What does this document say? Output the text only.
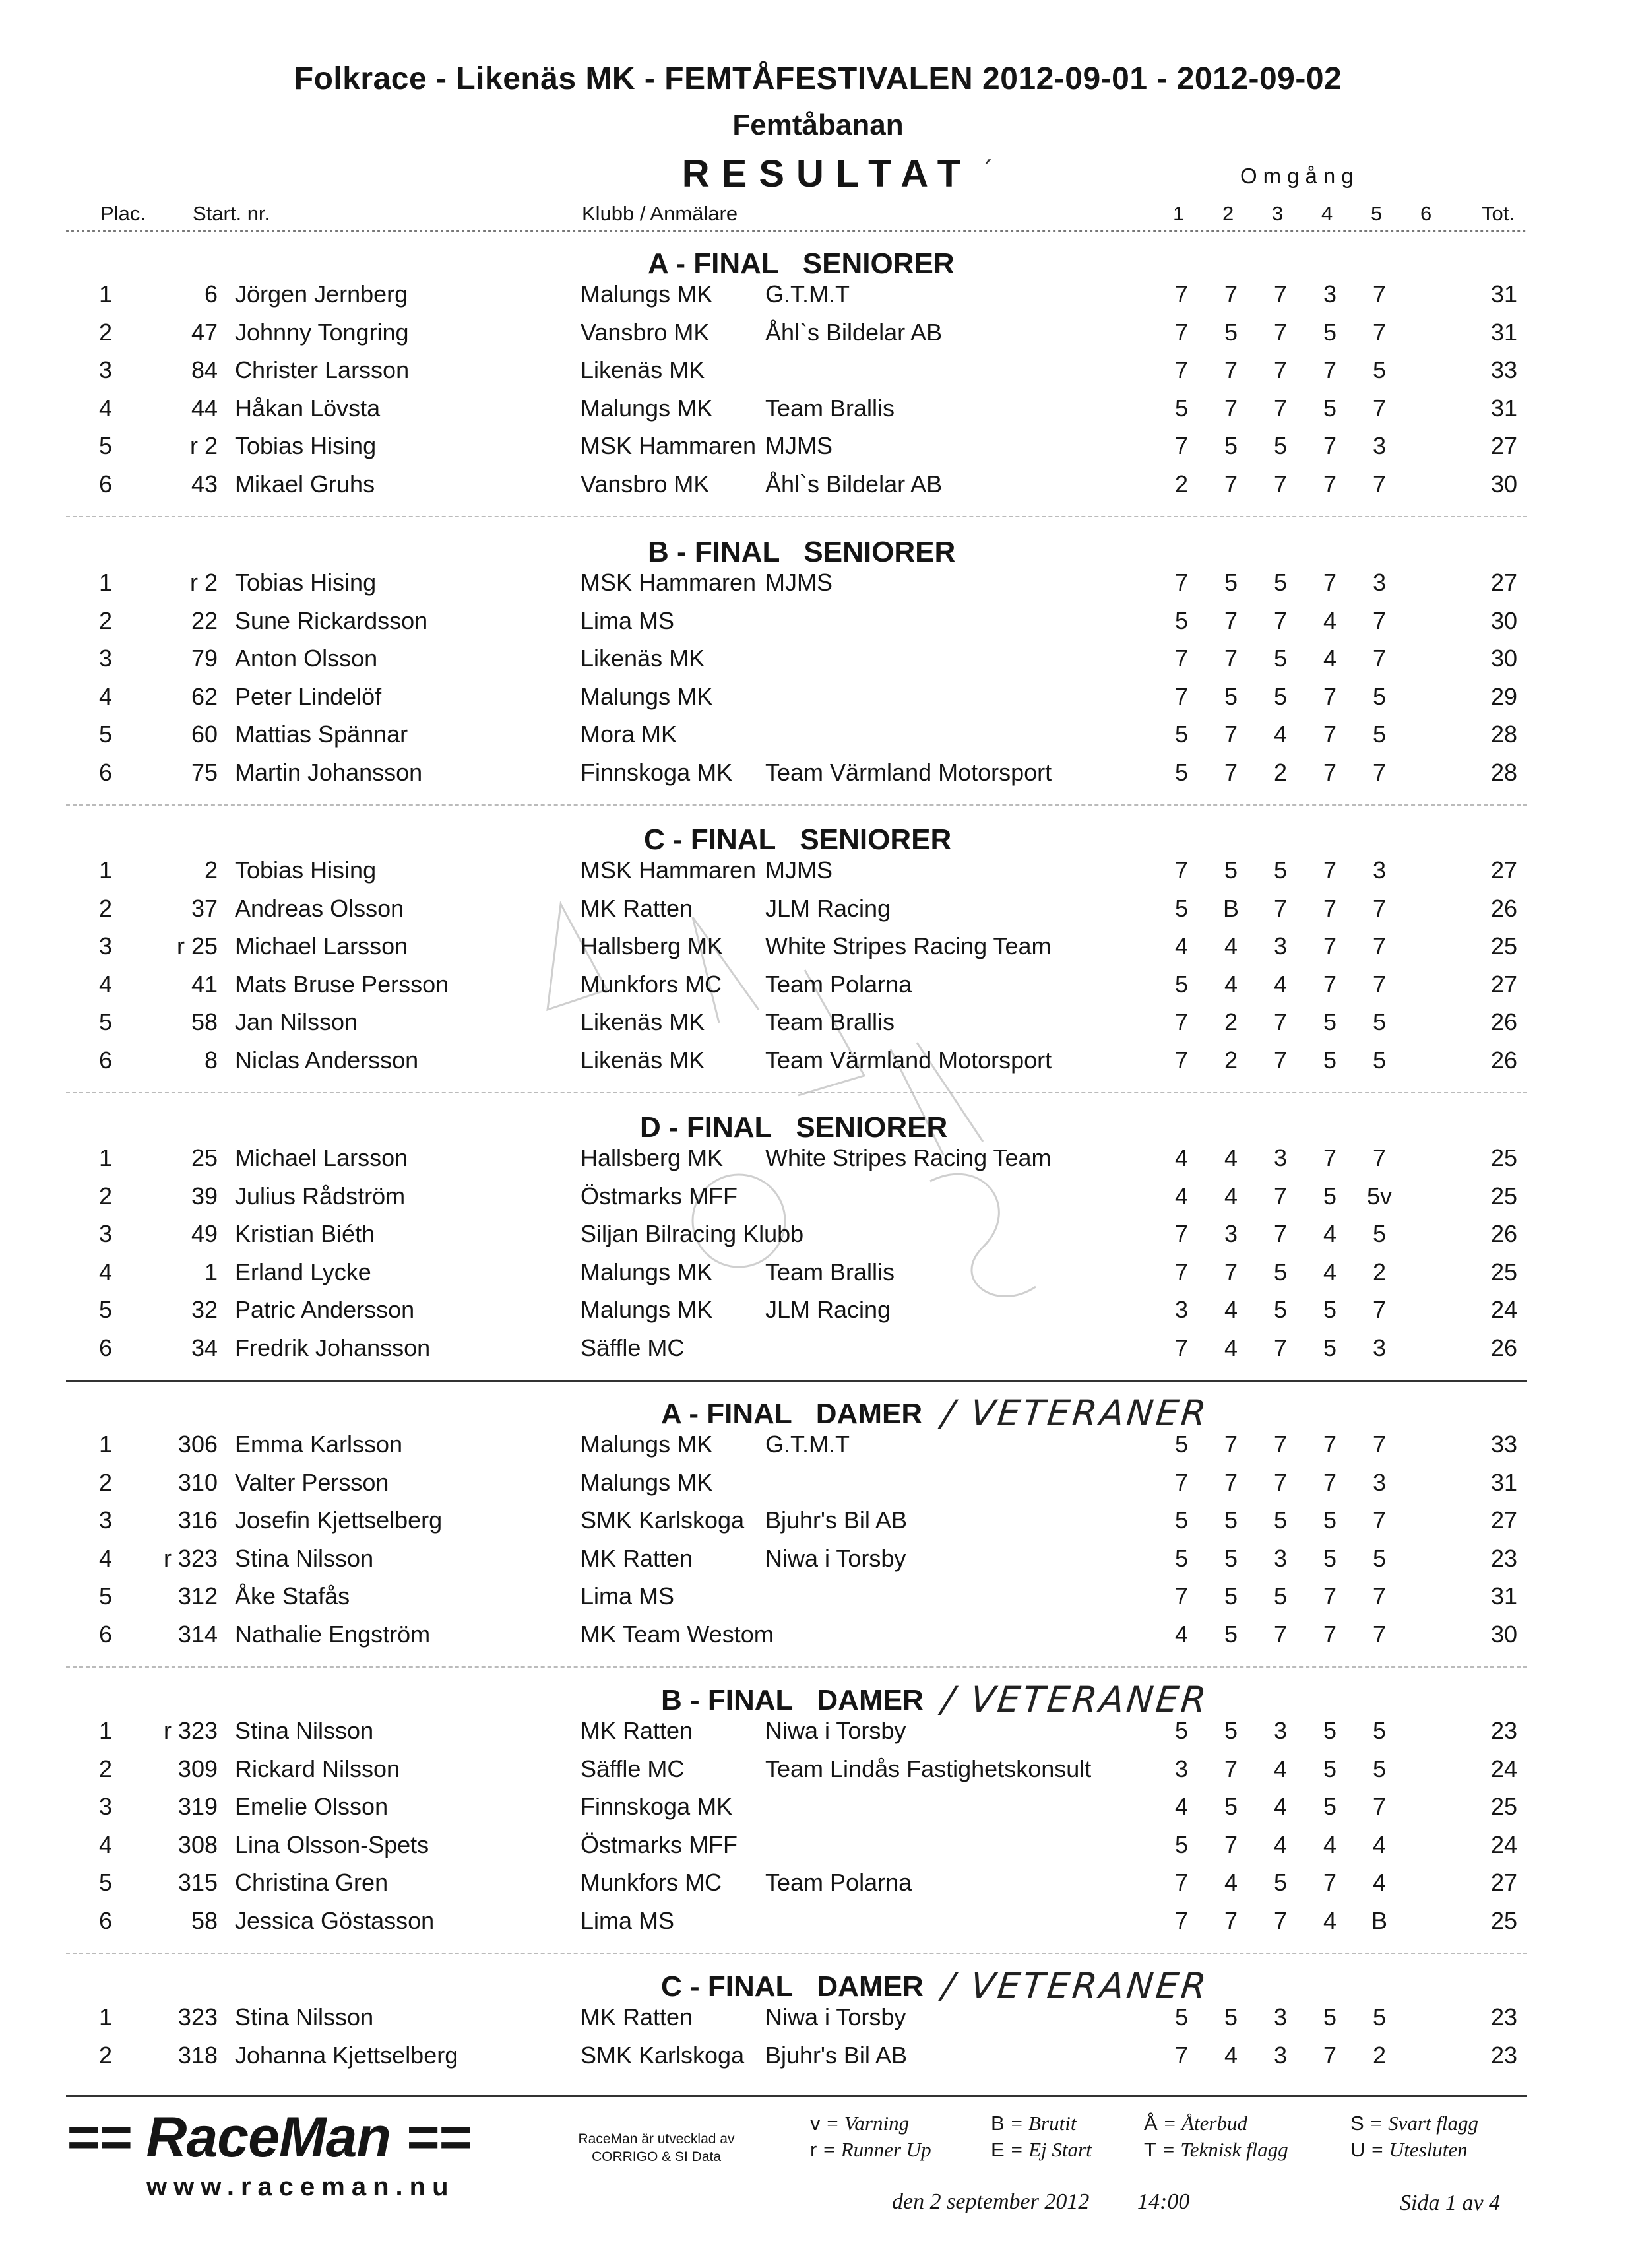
Folkrace - Likenäs MK - FEMTÅFESTIVALEN 2012-09-01 - 2012-09-02
Femtåbanan
RESULTAT ´	Omgång
Plac. Start. nr.	Klubb / Anmälare	1 2 3 4 5 6 Tot.
A - FINAL SENIORER
1	6 Jörgen Jernberg	Malungs MK G.T.M.T	7	7	7	3	7	31
2	47 Johnny Tongring	Vansbro MK Åhl`s Bildelar AB	7	5	7	5	7	31
3	84 Christer Larsson	Likenäs MK	7	7	7	7	5	33
4	44 Håkan Lövsta	Malungs MK Team Brallis	5	7	7	5	7	31
5	r 2 Tobias Hising	MSK Hammaren MJMS	7	5	5	7	3	27
6	43 Mikael Gruhs	Vansbro MK Åhl`s Bildelar AB	2	7	7	7	7	30
B - FINAL SENIORER
1	r 2 Tobias Hising	MSK Hammaren MJMS	7	5	5	7	3	27
2	22 Sune Rickardsson	Lima MS	5	7	7	4	7	30
3	79 Anton Olsson	Likenäs MK	7	7	5	4	7	30
4	62 Peter Lindelöf	Malungs MK	7	5	5	7	5	29
5	60 Mattias Spännar	Mora MK	5	7	4	7	5	28
6	75 Martin Johansson	Finnskoga MK Team Värmland Motorsport	5	7	2	7	7	28
C - FINAL SENIORER
1	2 Tobias Hising	MSK Hammaren MJMS	7	5	5	7	3	27
2	37 Andreas Olsson	MK Ratten	JLM Racing	5	B	7	7	7	26
3	r 25 Michael Larsson	Hallsberg MK White Stripes Racing Team	4	4	3	7	7	25
4	41 Mats Bruse Persson	Munkfors MC Team Polarna	5	4	4	7	7	27
5	58 Jan Nilsson	Likenäs MK	Team Brallis	7	2	7	5	5	26
6	8 Niclas Andersson	Likenäs MK	Team Värmland Motorsport	7	2	7	5	5	26
D - FINAL SENIORER
1	25 Michael Larsson	Hallsberg MK White Stripes Racing Team	4	4	3	7	7	25
2	39 Julius Rådström	Östmarks MFF	4	4	7	5	5v	25
3	49 Kristian Biéth	Siljan Bilracing Klubb	7	3	7	4	5	26
4	1 Erland Lycke	Malungs MK Team Brallis	7	7	5	4	2	25
5	32 Patric Andersson	Malungs MK JLM Racing	3	4	5	5	7	24
6	34 Fredrik Johansson	Säffle MC	7	4	7	5	3	26
A - FINAL DAMER / VETERANER
1	306 Emma Karlsson	Malungs MK G.T.M.T	5	7	7	7	7	33
2	310 Valter Persson	Malungs MK	7	7	7	7	3	31
3	316 Josefin Kjettselberg	SMK Karlskoga Bjuhr's Bil AB	5	5	5	5	7	27
4	r 323 Stina Nilsson	MK Ratten	Niwa i Torsby	5	5	3	5	5	23
5	312 Åke Stafås	Lima MS	7	5	5	7	7	31
6	314 Nathalie Engström	MK Team Westom	4	5	7	7	7	30
B - FINAL DAMER / VETERANER
1	r 323 Stina Nilsson	MK Ratten	Niwa i Torsby	5	5	3	5	5	23
2	309 Rickard Nilsson	Säffle MC	Team Lindås Fastighetskonsult	3	7	4	5	5	24
3	319 Emelie Olsson	Finnskoga MK	4	5	4	5	7	25
4	308 Lina Olsson-Spets	Östmarks MFF	5	7	4	4	4	24
5	315 Christina Gren	Munkfors MC Team Polarna	7	4	5	7	4	27
6	58 Jessica Göstasson	Lima MS	7	7	7	4	B	25
C - FINAL DAMER / VETERANER
1	323 Stina Nilsson	MK Ratten	Niwa i Torsby	5	5	3	5	5	23
2	318 Johanna Kjettselberg	SMK Karlskoga Bjuhr's Bil AB	7	4	3	7	2	23
== RaceMan ==
www.raceman.nu
RaceMan är utvecklad av
CORRIGO & SI Data
v = Varning
r = Runner Up
B = Brutit
E = Ej Start
Å = Återbud
T = Teknisk flagg
S = Svart flagg
U = Utesluten
den 2 september 2012 14:00	Sida 1 av 4
